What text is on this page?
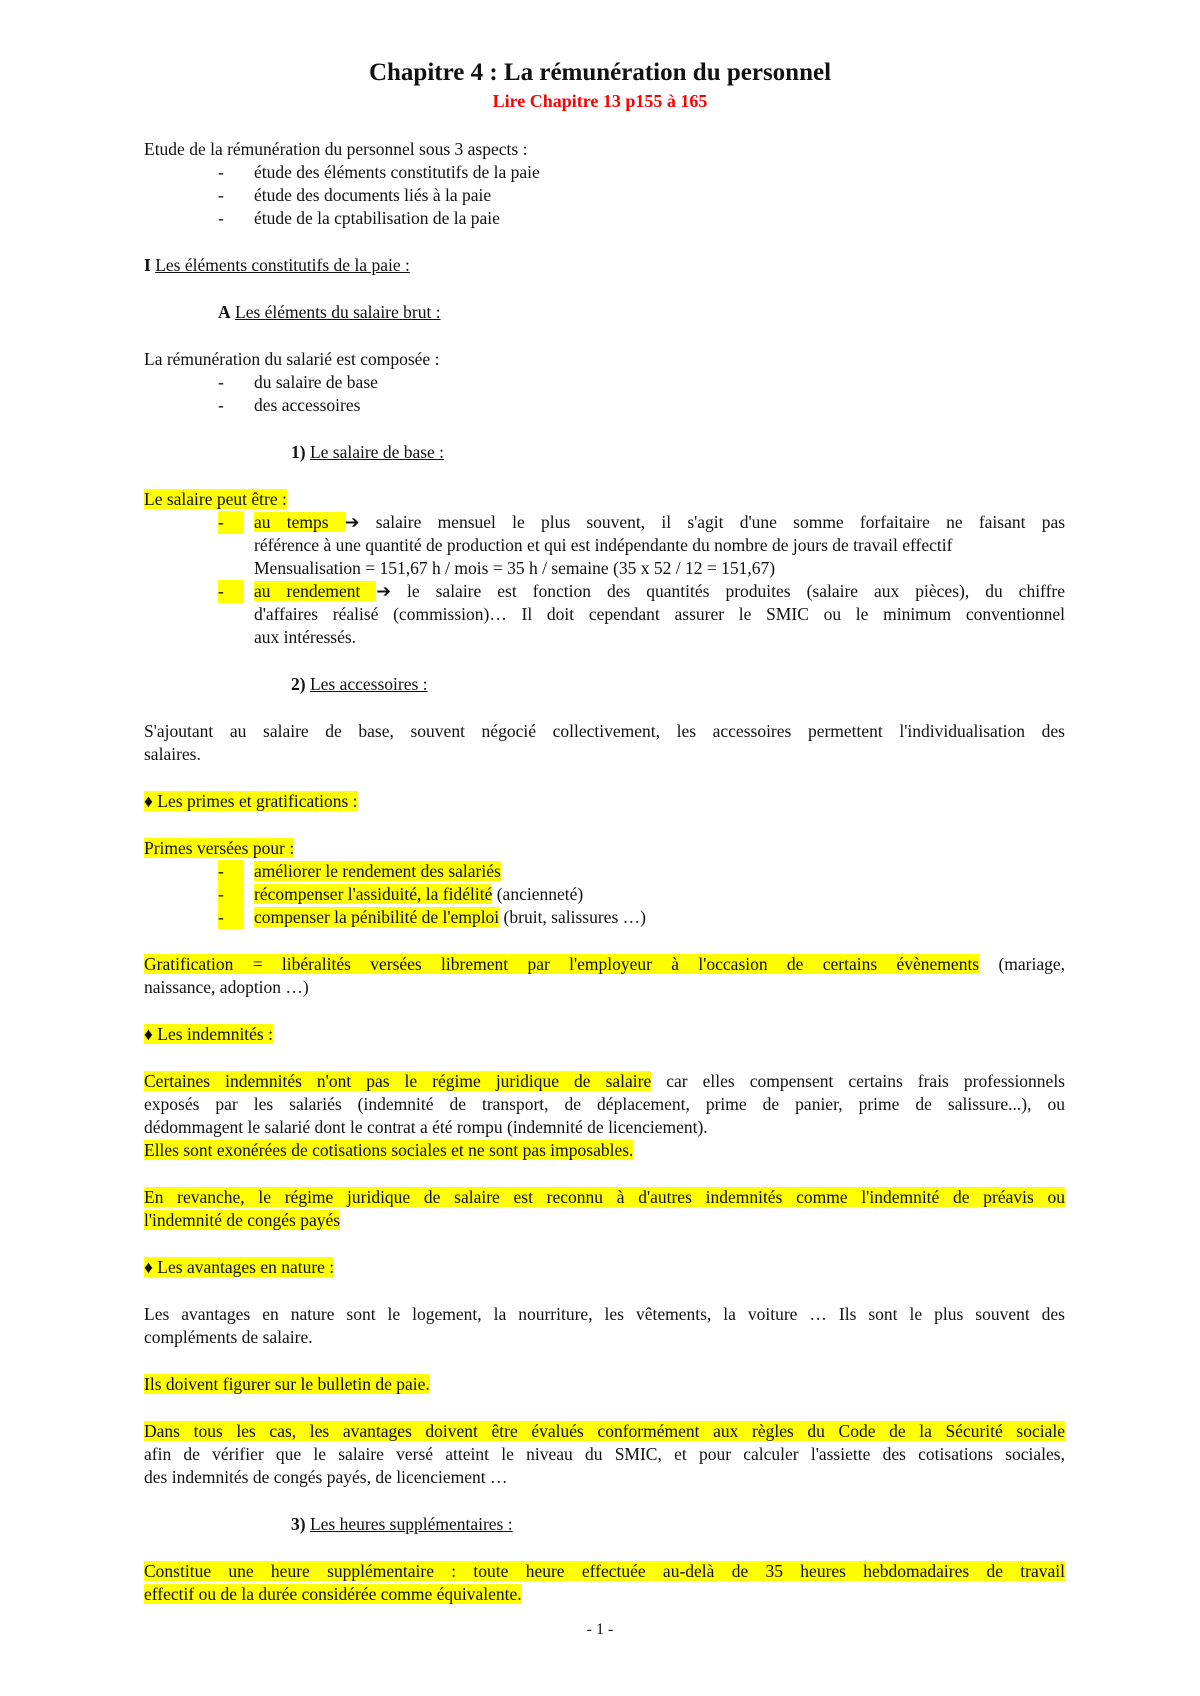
Chapitre 4 : La rémunération du personnel
Lire Chapitre 13 p155 à 165
Etude de la rémunération du personnel sous 3 aspects :
- étude des éléments constitutifs de la paie
- étude des documents liés à la paie
- étude de la cptabilisation de la paie
I Les éléments constitutifs de la paie :
A Les éléments du salaire brut :
La rémunération du salarié est composée :
- du salaire de base
- des accessoires
1) Le salaire de base :
Le salaire peut être :
-	au temps ➔ salaire mensuel le plus souvent, il s'agit d'une somme forfaitaire ne faisant pas
référence à une quantité de production et qui est indépendante du nombre de jours de travail effectif
Mensualisation = 151,67 h / mois = 35 h / semaine (35 x 52 / 12 = 151,67)
-	au rendement ➔ le salaire est fonction des quantités produites (salaire aux pièces), du chiffre
d'affaires réalisé (commission)… Il doit cependant assurer le SMIC ou le minimum conventionnel
aux intéressés.
2) Les accessoires :
S'ajoutant au salaire de base, souvent négocié collectivement, les accessoires permettent l'individualisation des
salaires.
♦ Les primes et gratifications :
Primes versées pour :
-	améliorer le rendement des salariés
-	récompenser l'assiduité, la fidélité (ancienneté)
-	compenser la pénibilité de l'emploi (bruit, salissures …)
Gratification = libéralités versées librement par l'employeur à l'occasion de certains évènements (mariage,
naissance, adoption …)
♦ Les indemnités :
Certaines indemnités n'ont pas le régime juridique de salaire car elles compensent certains frais professionnels
exposés par les salariés (indemnité de transport, de déplacement, prime de panier, prime de salissure...), ou
dédommagent le salarié dont le contrat a été rompu (indemnité de licenciement).
Elles sont exonérées de cotisations sociales et ne sont pas imposables.
En revanche, le régime juridique de salaire est reconnu à d'autres indemnités comme l'indemnité de préavis ou
l'indemnité de congés payés
♦ Les avantages en nature :
Les avantages en nature sont le logement, la nourriture, les vêtements, la voiture … Ils sont le plus souvent des
compléments de salaire.
Ils doivent figurer sur le bulletin de paie.
Dans tous les cas, les avantages doivent être évalués conformément aux règles du Code de la Sécurité sociale
afin de vérifier que le salaire versé atteint le niveau du SMIC, et pour calculer l'assiette des cotisations sociales,
des indemnités de congés payés, de licenciement …
3) Les heures supplémentaires :
Constitue une heure supplémentaire : toute heure effectuée au-delà de 35 heures hebdomadaires de travail
effectif ou de la durée considérée comme équivalente.
- 1 -
